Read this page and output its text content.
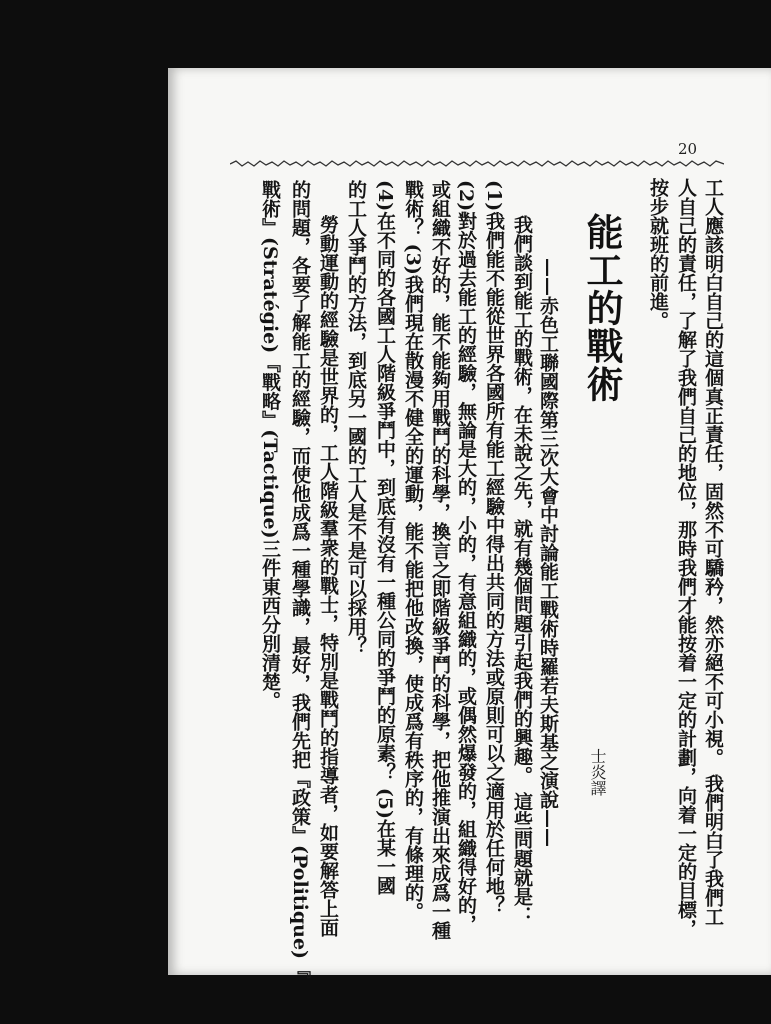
20
工人應該明白自己的這個真正責任，固然不可驕矜，然亦絕不可小視。 我們明白了我們工
人自己的責任，了解了我們自己的地位，那時我們才能按着一定的計劃，向着一定的目標，
按步就班的前進。
能工的戰術
士炎譯
——赤色工聯國際第三次大會中討論能工戰術時羅若夫斯基之演說——
我們談到能工的戰術，在未說之先，就有幾個問題引起我們的興趣。 這些問題就是：
(1)我們能不能從世界各國所有能工經驗中得出共同的方法或原則可以之適用於任何地？
(2)對於過去能工的經驗，無論是大的，小的，有意組織的，或偶然爆發的，組織得好的，
或組織不好的，能不能夠用戰鬥的科學，換言之即階級爭鬥的科學，把他推演出來成爲一種
戰術？ (3)我們現在散漫不健全的運動，能不能把他改換，使成爲有秩序的，有條理的。
(4)在不同的各國工人階級爭鬥中，到底有沒有一種公同的爭鬥的原素？ (5)在某一國
的工人爭鬥的方法，到底另一國的工人是不是可以採用？
勞動運動的經驗是世界的，工人階級羣衆的戰士，特別是戰鬥的指導者，如要解答上面
的問題，各要了解能工的經驗，而使他成爲一種學識，最好，我們先把『政策』(Politique)『
戰術』(Stratégie)『戰略』(Tactique)三件東西分別清楚。
